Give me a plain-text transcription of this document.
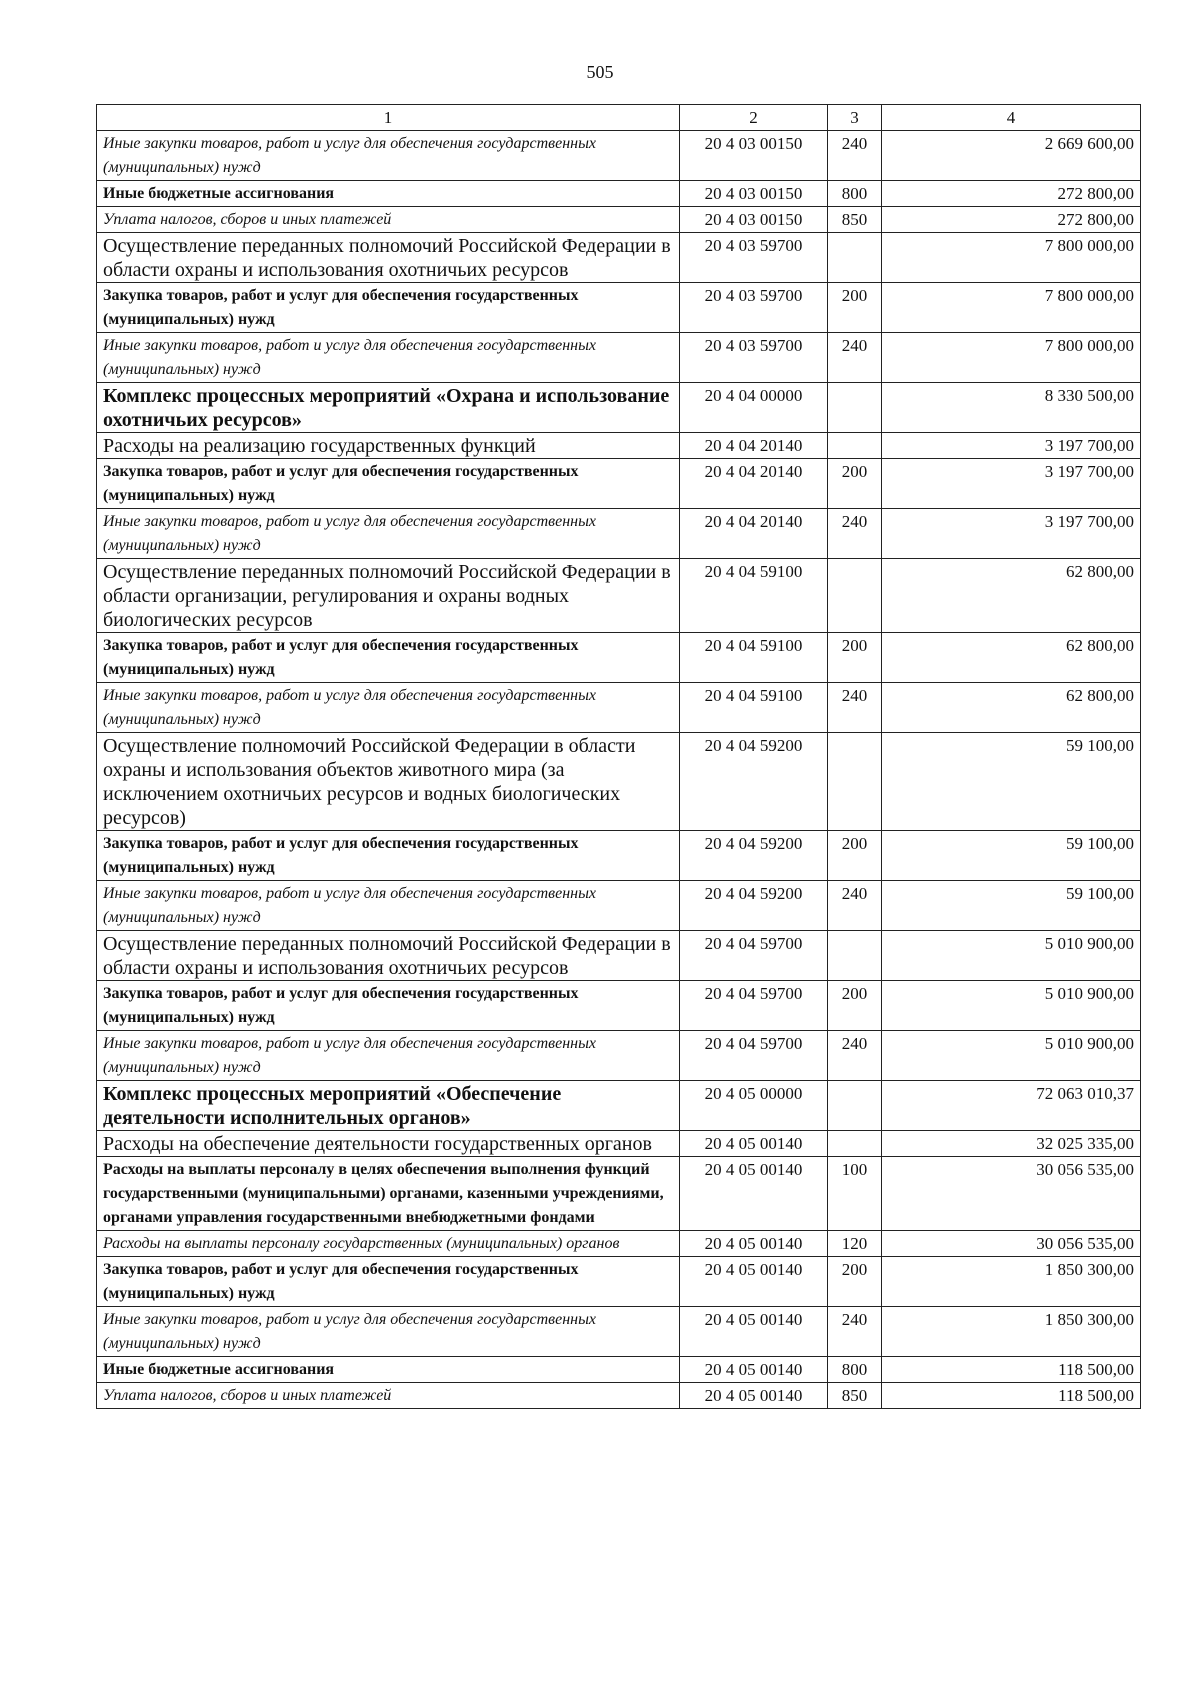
505
1	2	3	4
Иные закупки товаров, работ и услуг для обеспечения государственных (муниципальных) нужд	20 4 03 00150	240	2 669 600,00
Иные бюджетные ассигнования	20 4 03 00150	800	272 800,00
Уплата налогов, сборов и иных платежей	20 4 03 00150	850	272 800,00
Осуществление переданных полномочий Российской Федерации в области охраны и использования охотничьих ресурсов	20 4 03 59700		7 800 000,00
Закупка товаров, работ и услуг для обеспечения государственных (муниципальных) нужд	20 4 03 59700	200	7 800 000,00
Иные закупки товаров, работ и услуг для обеспечения государственных (муниципальных) нужд	20 4 03 59700	240	7 800 000,00
Комплекс процессных мероприятий «Охрана и использование охотничьих ресурсов»	20 4 04 00000		8 330 500,00
Расходы на реализацию государственных функций	20 4 04 20140		3 197 700,00
Закупка товаров, работ и услуг для обеспечения государственных (муниципальных) нужд	20 4 04 20140	200	3 197 700,00
Иные закупки товаров, работ и услуг для обеспечения государственных (муниципальных) нужд	20 4 04 20140	240	3 197 700,00
Осуществление переданных полномочий Российской Федерации в области организации, регулирования и охраны водных биологических ресурсов	20 4 04 59100		62 800,00
Закупка товаров, работ и услуг для обеспечения государственных (муниципальных) нужд	20 4 04 59100	200	62 800,00
Иные закупки товаров, работ и услуг для обеспечения государственных (муниципальных) нужд	20 4 04 59100	240	62 800,00
Осуществление полномочий Российской Федерации в области охраны и использования объектов животного мира (за исключением охотничьих ресурсов и водных биологических ресурсов)	20 4 04 59200		59 100,00
Закупка товаров, работ и услуг для обеспечения государственных (муниципальных) нужд	20 4 04 59200	200	59 100,00
Иные закупки товаров, работ и услуг для обеспечения государственных (муниципальных) нужд	20 4 04 59200	240	59 100,00
Осуществление переданных полномочий Российской Федерации в области охраны и использования охотничьих ресурсов	20 4 04 59700		5 010 900,00
Закупка товаров, работ и услуг для обеспечения государственных (муниципальных) нужд	20 4 04 59700	200	5 010 900,00
Иные закупки товаров, работ и услуг для обеспечения государственных (муниципальных) нужд	20 4 04 59700	240	5 010 900,00
Комплекс процессных мероприятий «Обеспечение деятельности исполнительных органов»	20 4 05 00000		72 063 010,37
Расходы на обеспечение деятельности государственных органов	20 4 05 00140		32 025 335,00
Расходы на выплаты персоналу в целях обеспечения выполнения функций государственными (муниципальными) органами, казенными учреждениями, органами управления государственными внебюджетными фондами	20 4 05 00140	100	30 056 535,00
Расходы на выплаты персоналу государственных (муниципальных) органов	20 4 05 00140	120	30 056 535,00
Закупка товаров, работ и услуг для обеспечения государственных (муниципальных) нужд	20 4 05 00140	200	1 850 300,00
Иные закупки товаров, работ и услуг для обеспечения государственных (муниципальных) нужд	20 4 05 00140	240	1 850 300,00
Иные бюджетные ассигнования	20 4 05 00140	800	118 500,00
Уплата налогов, сборов и иных платежей	20 4 05 00140	850	118 500,00
